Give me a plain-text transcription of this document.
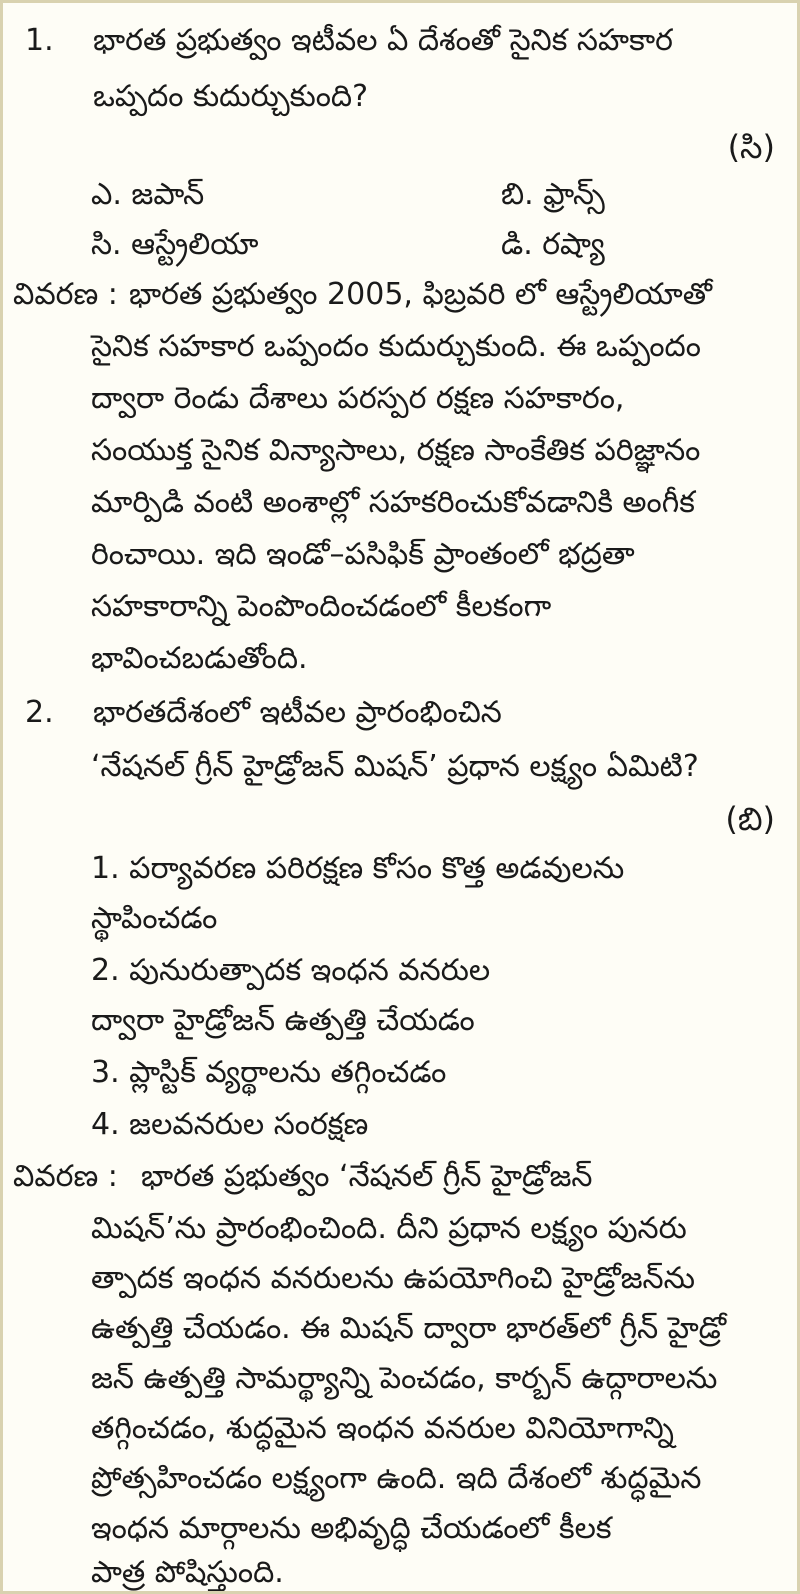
1. భారత ప్రభుత్వం ఇటీవల ఏ దేశంతో సైనిక సహకార
ఒప్పదం కుదుర్చుకుంది?
(సి)
ఎ. జపాన్	బి. ఫ్రాన్స్
సి. ఆస్ట్రేలియా	డి. రష్యా
వివరణ : భారత ప్రభుత్వం 2005, ఫిబ్రవరి లో ఆస్ట్రేలియాతో
సైనిక సహకార ఒప్పందం కుదుర్చుకుంది. ఈ ఒప్పందం
ద్వారా రెండు దేశాలు పరస్పర రక్షణ సహకారం,
సంయుక్త సైనిక విన్యాసాలు, రక్షణ సాంకేతిక పరిజ్ఞానం
మార్పిడి వంటి అంశాల్లో సహకరించుకోవడానికి అంగీక
రించాయి. ఇది ఇండో–పసిఫిక్ ప్రాంతంలో భద్రతా
సహకారాన్ని పెంపొందించడంలో కీలకంగా
భావించబడుతోంది.
2. భారతదేశంలో ఇటీవల ప్రారంభించిన
‘నేషనల్ గ్రీన్ హైడ్రోజన్ మిషన్’ ప్రధాన లక్ష్యం ఏమిటి?
(బి)
1. పర్యావరణ పరిరక్షణ కోసం కొత్త అడవులను
స్థాపించడం
2. పునురుత్పాదక ఇంధన వనరుల
ద్వారా హైడ్రోజన్ ఉత్పత్తి చేయడం
3. ప్లాస్టిక్ వ్యర్థాలను తగ్గించడం
4. జలవనరుల సంరక్షణ
వివరణ : భారత ప్రభుత్వం ‘నేషనల్ గ్రీన్ హైడ్రోజన్
మిషన్’ను ప్రారంభించింది. దీని ప్రధాన లక్ష్యం పునరు
త్పాదక ఇంధన వనరులను ఉపయోగించి హైడ్రోజన్‌ను
ఉత్పత్తి చేయడం. ఈ మిషన్ ద్వారా భారత్‌లో గ్రీన్ హైడ్రో
జన్ ఉత్పత్తి సామర్థ్యాన్ని పెంచడం, కార్బన్ ఉద్గారాలను
తగ్గించడం, శుద్ధమైన ఇంధన వనరుల వినియోగాన్ని
ప్రోత్సహించడం లక్ష్యంగా ఉంది. ఇది దేశంలో శుద్ధమైన
ఇంధన మార్గాలను అభివృద్ధి చేయడంలో కీలక
పాత్ర పోషిస్తుంది.
